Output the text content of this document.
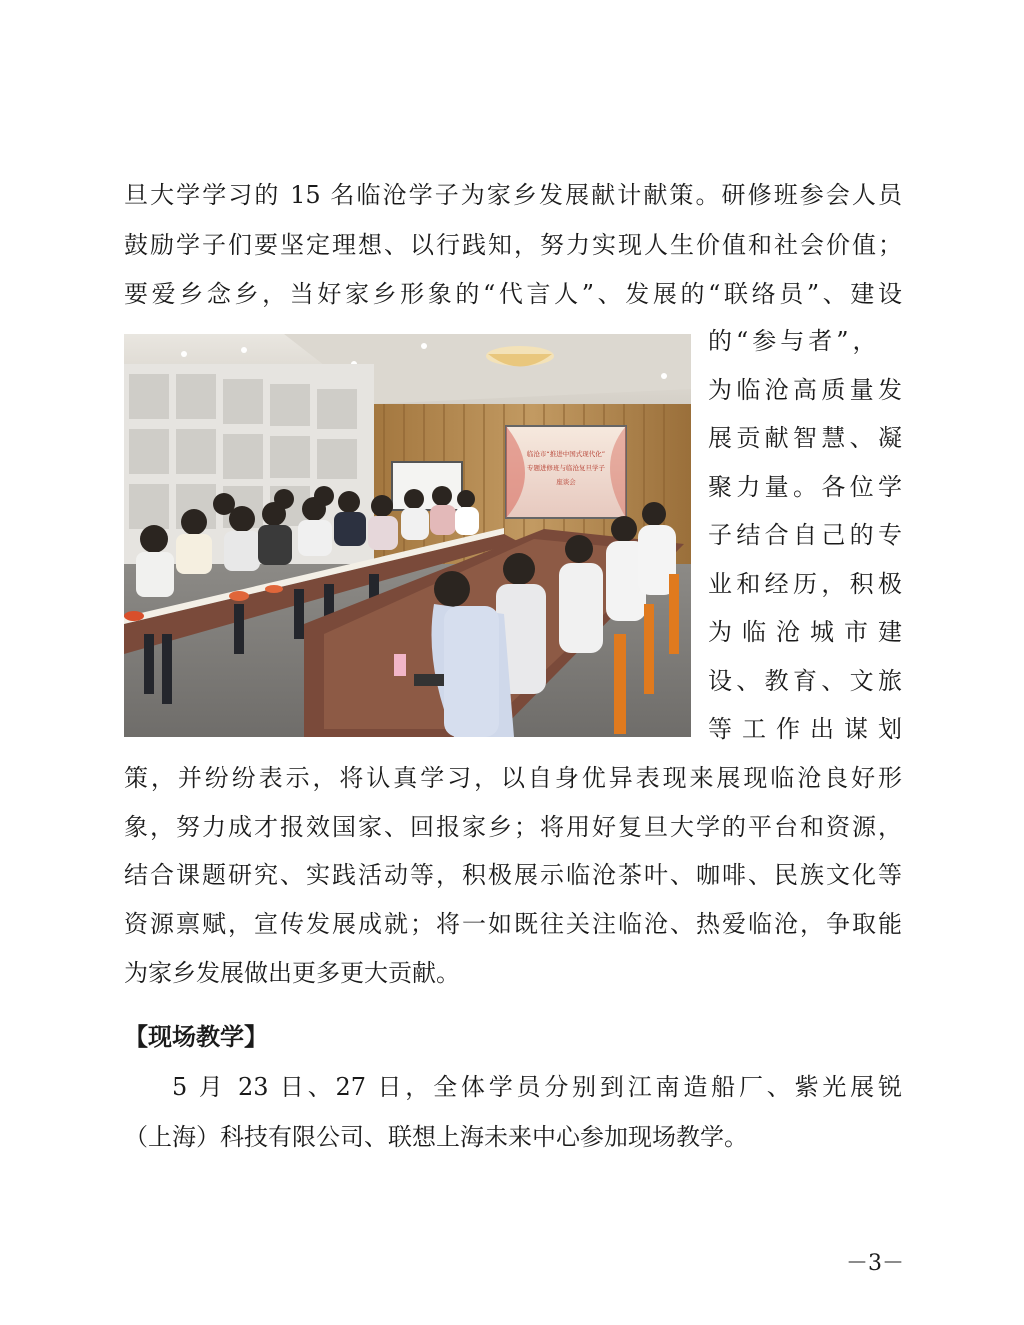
旦大学学习的 15 名临沧学子为家乡发展献计献策。研修班参会人员
鼓励学子们要坚定理想、以行践知，努力实现人生价值和社会价值；
要爱乡念乡，当好家乡形象的“代言人”、发展的“联络员”、建设
临沧市“推进中国式现代化”
专题进修班与临沧复旦学子
座谈会
的“参与者”，
为临沧高质量发
展贡献智慧、凝
聚力量。各位学
子结合自己的专
业和经历，积极
为临沧城市建
设、教育、文旅
等工作出谋划
策，并纷纷表示，将认真学习，以自身优异表现来展现临沧良好形
象，努力成才报效国家、回报家乡；将用好复旦大学的平台和资源，
结合课题研究、实践活动等，积极展示临沧茶叶、咖啡、民族文化等
资源禀赋，宣传发展成就；将一如既往关注临沧、热爱临沧，争取能
为家乡发展做出更多更大贡献。
【现场教学】
5 月 23 日、27 日，全体学员分别到江南造船厂、紫光展锐
（上海）科技有限公司、联想上海未来中心参加现场教学。
－3－
